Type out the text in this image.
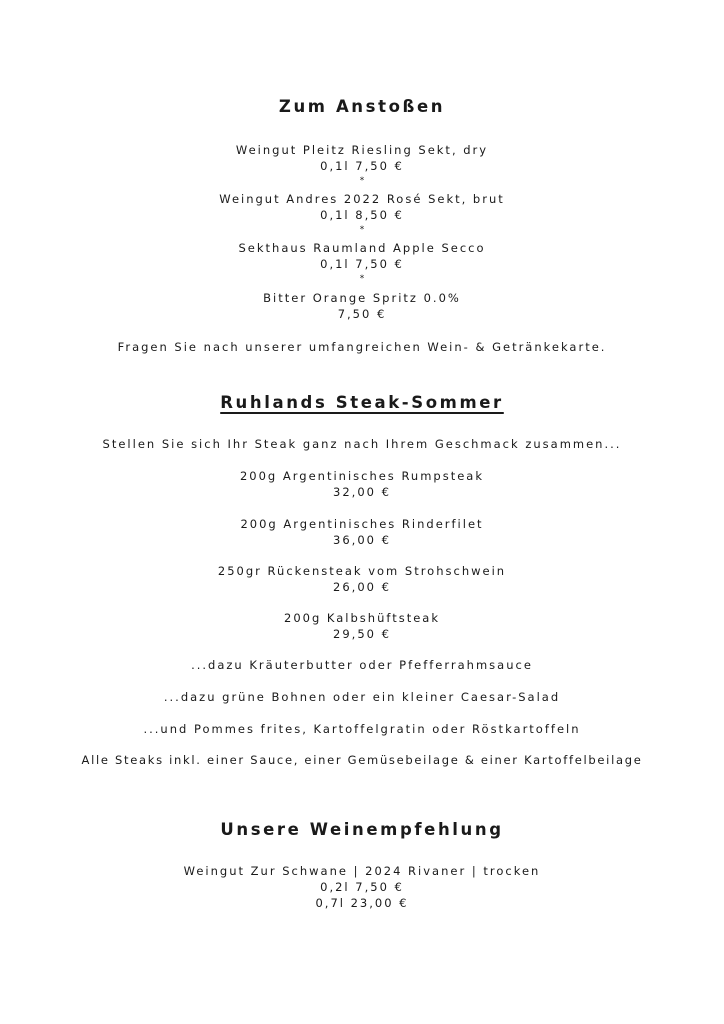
Zum Anstoßen
Weingut Pleitz Riesling Sekt, dry
0,1l 7,50 €
*
Weingut Andres 2022 Rosé Sekt, brut
0,1l 8,50 €
*
Sekthaus Raumland Apple Secco
0,1l 7,50 €
*
Bitter Orange Spritz 0.0%
7,50 €
Fragen Sie nach unserer umfangreichen Wein- & Getränkekarte.
Ruhlands Steak-Sommer
Stellen Sie sich Ihr Steak ganz nach Ihrem Geschmack zusammen...
200g Argentinisches Rumpsteak
32,00 €
200g Argentinisches Rinderfilet
36,00 €
250gr Rückensteak vom Strohschwein
26,00 €
200g Kalbshüftsteak
29,50 €
...dazu Kräuterbutter oder Pfefferrahmsauce
...dazu grüne Bohnen oder ein kleiner Caesar-Salad
...und Pommes frites, Kartoffelgratin oder Röstkartoffeln
Alle Steaks inkl. einer Sauce, einer Gemüsebeilage & einer Kartoffelbeilage
Unsere Weinempfehlung
Weingut Zur Schwane | 2024 Rivaner | trocken
0,2l 7,50 €
0,7l 23,00 €
